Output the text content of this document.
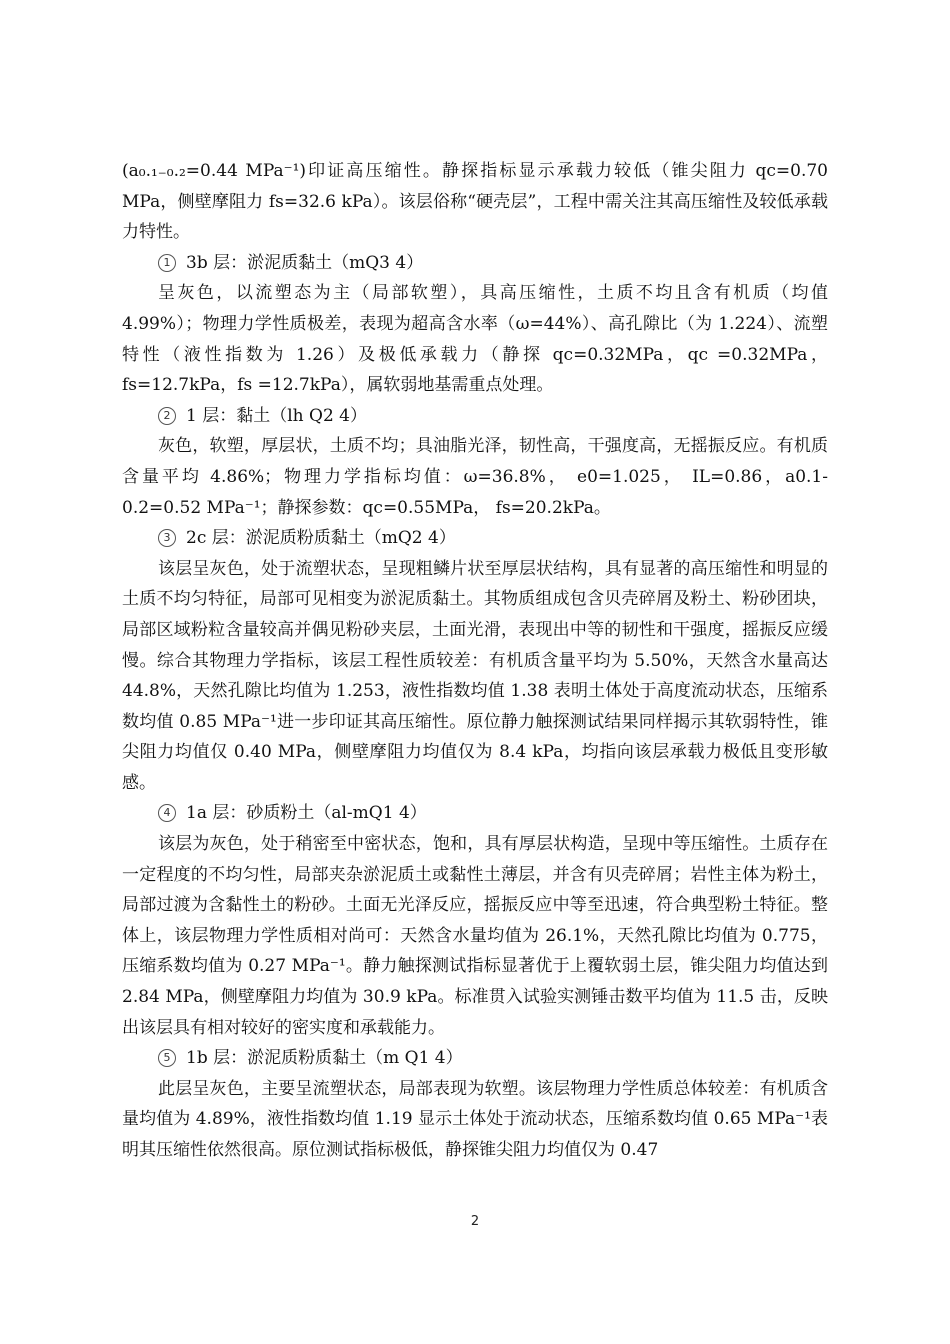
(a₀.₁₋₀.₂=0.44 MPa⁻¹)印证高压缩性。静探指标显示承载力较低（锥尖阻力 qc=0.70 MPa，侧壁摩阻力 fs=32.6 kPa）。该层俗称“硬壳层”，工程中需关注其高压缩性及较低承载力特性。

1 3b 层：淤泥质黏土（mQ3 4）

呈灰色，以流塑态为主（局部软塑），具高压缩性，土质不均且含有机质（均值 4.99%）；物理力学性质极差，表现为超高含水率（ω=44%）、高孔隙比（为 1.224）、流塑特性（液性指数为 1.26）及极低承载力（静探 qc=0.32MPa，qc =0.32MPa，fs=12.7kPa，fs =12.7kPa），属软弱地基需重点处理。

2 1 层：黏土（lh Q2 4）

灰色，软塑，厚层状，土质不均；具油脂光泽，韧性高，干强度高，无摇振反应。有机质含量平均 4.86%；物理力学指标均值：ω=36.8%， e0=1.025， IL=0.86，a0.1-0.2=0.52 MPa⁻¹；静探参数：qc=0.55MPa， fs=20.2kPa。

3 2c 层：淤泥质粉质黏土（mQ2 4）

该层呈灰色，处于流塑状态，呈现粗鳞片状至厚层状结构，具有显著的高压缩性和明显的土质不均匀特征，局部可见相变为淤泥质黏土。其物质组成包含贝壳碎屑及粉土、粉砂团块，局部区域粉粒含量较高并偶见粉砂夹层，土面光滑，表现出中等的韧性和干强度，摇振反应缓慢。综合其物理力学指标，该层工程性质较差：有机质含量平均为 5.50%，天然含水量高达 44.8%，天然孔隙比均值为 1.253，液性指数均值 1.38 表明土体处于高度流动状态，压缩系数均值 0.85 MPa⁻¹进一步印证其高压缩性。原位静力触探测试结果同样揭示其软弱特性，锥尖阻力均值仅 0.40 MPa，侧壁摩阻力均值仅为 8.4 kPa，均指向该层承载力极低且变形敏感。

4 1a 层：砂质粉土（al-mQ1 4）

该层为灰色，处于稍密至中密状态，饱和，具有厚层状构造，呈现中等压缩性。土质存在一定程度的不均匀性，局部夹杂淤泥质土或黏性土薄层，并含有贝壳碎屑；岩性主体为粉土，局部过渡为含黏性土的粉砂。土面无光泽反应，摇振反应中等至迅速，符合典型粉土特征。整体上，该层物理力学性质相对尚可：天然含水量均值为 26.1%，天然孔隙比均值为 0.775，压缩系数均值为 0.27 MPa⁻¹。静力触探测试指标显著优于上覆软弱土层，锥尖阻力均值达到 2.84 MPa，侧壁摩阻力均值为 30.9 kPa。标准贯入试验实测锤击数平均值为 11.5 击，反映出该层具有相对较好的密实度和承载能力。

5 1b 层：淤泥质粉质黏土（m Q1 4）

此层呈灰色，主要呈流塑状态，局部表现为软塑。该层物理力学性质总体较差：有机质含量均值为 4.89%，液性指数均值 1.19 显示土体处于流动状态，压缩系数均值 0.65 MPa⁻¹表明其压缩性依然很高。原位测试指标极低，静探锥尖阻力均值仅为 0.47

2
